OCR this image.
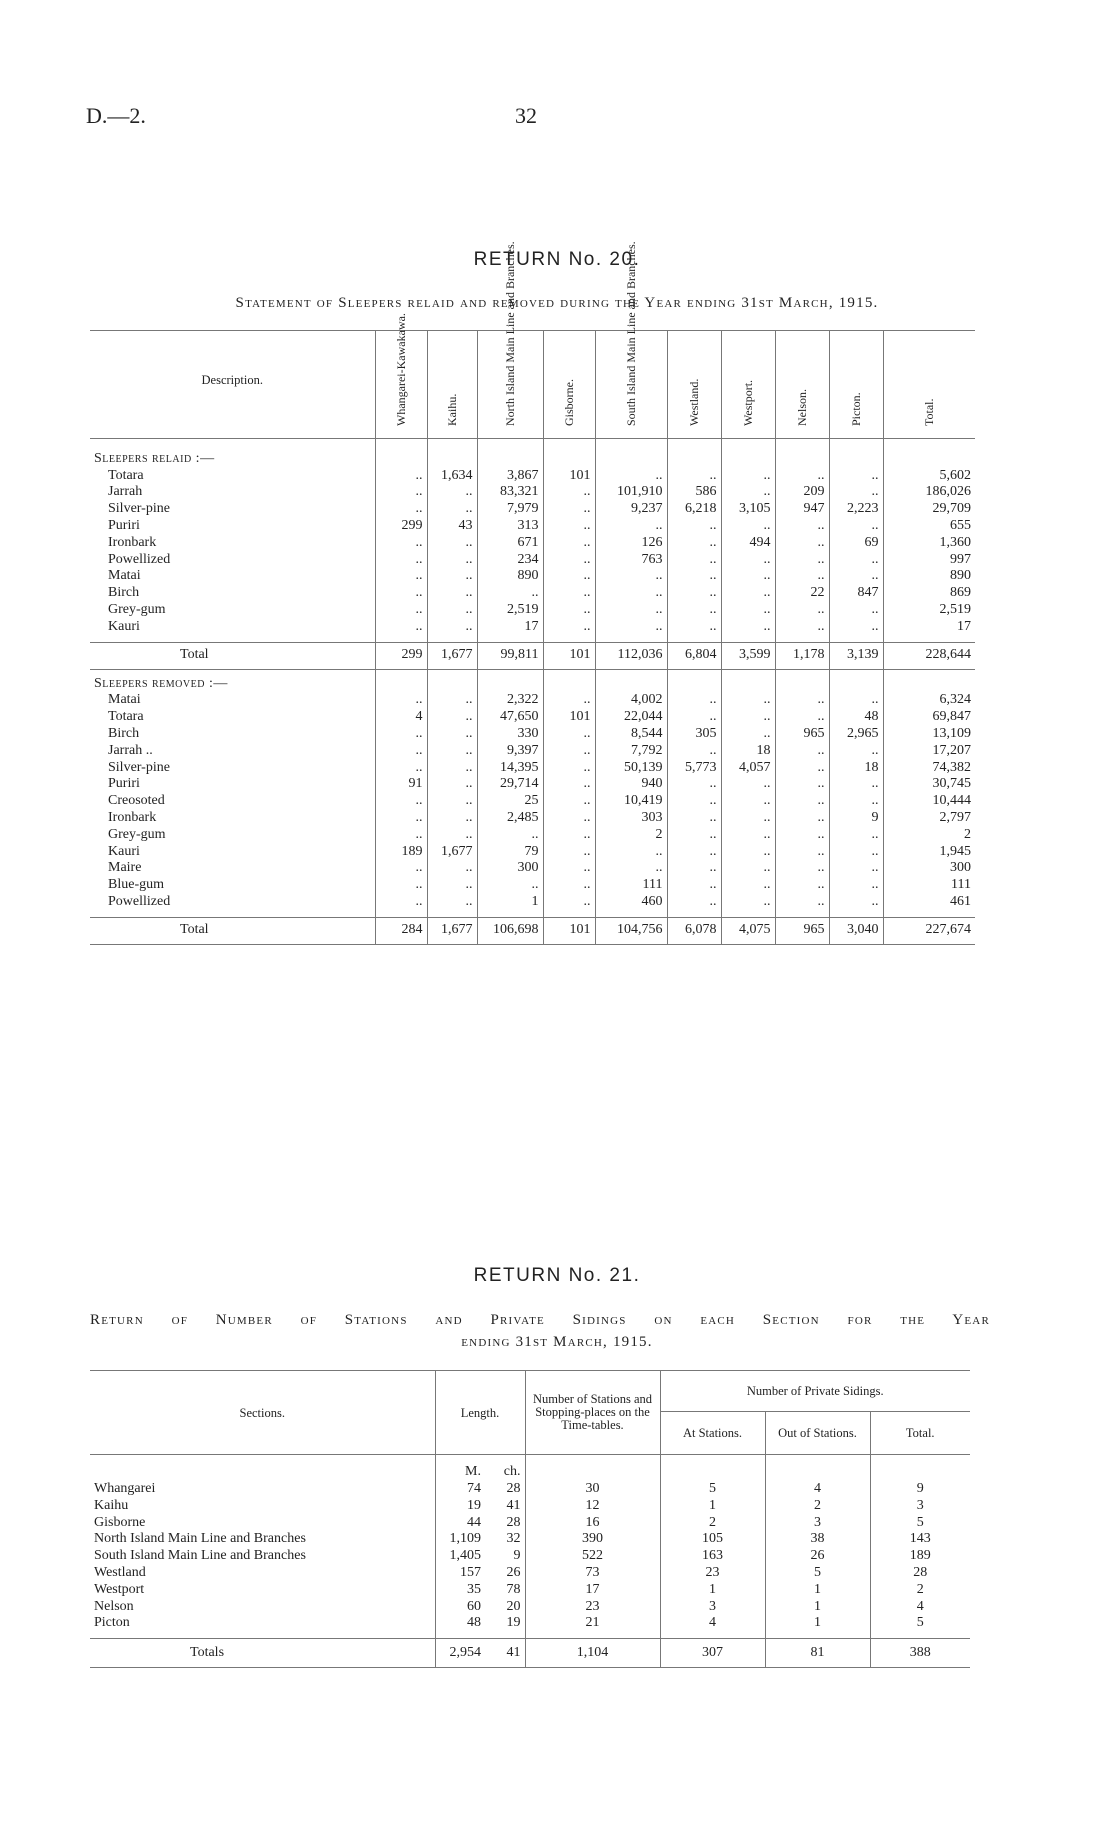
D.—2.	32
RETURN No. 20.
Statement of Sleepers relaid and removed during the Year ending 31st March, 1915.
Description.	Whangarei-Kawakawa.	Kaihu.	North Island Main Line and Branches.	Gisborne.	South Island Main Line and Branches.	Westland.	Westport.	Nelson.	Picton.	Total.

Sleepers relaid :—										
Totara	..	1,634	3,867	101	..	..	..	..	..	5,602
Jarrah	..	..	83,321	..	101,910	586	..	209	..	186,026
Silver-pine	..	..	7,979	..	9,237	6,218	3,105	947	2,223	29,709
Puriri	299	43	313	..	..	..	..	..	..	655
Ironbark	..	..	671	..	126	..	494	..	69	1,360
Powellized	..	..	234	..	763	..	..	..	..	997
Matai	..	..	890	..	..	..	..	..	..	890
Birch	..	..	..	..	..	..	..	22	847	869
Grey-gum	..	..	2,519	..	..	..	..	..	..	2,519
Kauri	..	..	17	..	..	..	..	..	..	17

Total	299	1,677	99,811	101	112,036	6,804	3,599	1,178	3,139	228,644

Sleepers removed :—										
Matai	..	..	2,322	..	4,002	..	..	..	..	6,324
Totara	4	..	47,650	101	22,044	..	..	..	48	69,847
Birch	..	..	330	..	8,544	305	..	965	2,965	13,109
Jarrah ..	..	..	9,397	..	7,792	..	18	..	..	17,207
Silver-pine	..	..	14,395	..	50,139	5,773	4,057	..	18	74,382
Puriri	91	..	29,714	..	940	..	..	..	..	30,745
Creosoted	..	..	25	..	10,419	..	..	..	..	10,444
Ironbark	..	..	2,485	..	303	..	..	..	9	2,797
Grey-gum	..	..	..	..	2	..	..	..	..	2
Kauri	189	1,677	79	..	..	..	..	..	..	1,945
Maire	..	..	300	..	..	..	..	..	..	300
Blue-gum	..	..	..	..	111	..	..	..	..	111
Powellized	..	..	1	..	460	..	..	..	..	461

Total	284	1,677	106,698	101	104,756	6,078	4,075	965	3,040	227,674
RETURN No. 21.
Return of Number of Stations and Private Sidings on each Section for the Year
ending 31st March, 1915.
Sections.	Length.		Number of Stations and Stopping-places on the Time-tables.	Number of Private Sidings.		
				At Stations.	Out of Stations.	Total.
	M.	ch.				
Whangarei	74	28	30	5	4	9
Kaihu	19	41	12	1	2	3
Gisborne	44	28	16	2	3	5
North Island Main Line and Branches	1,109	32	390	105	38	143
South Island Main Line and Branches	1,405	9	522	163	26	189
Westland	157	26	73	23	5	28
Westport	35	78	17	1	1	2
Nelson	60	20	23	3	1	4
Picton	48	19	21	4	1	5

Totals	2,954	41	1,104	307	81	388
